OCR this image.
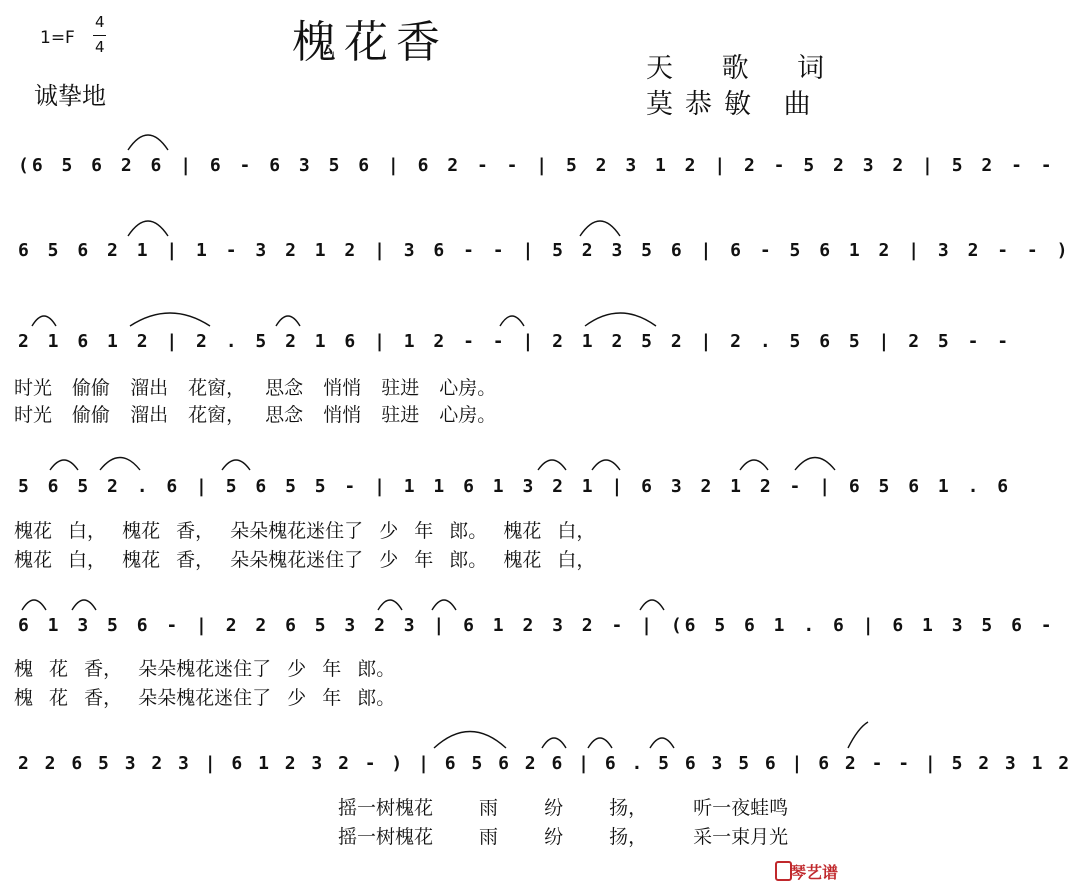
槐花香
1=F
4
4
诚挚地
天 歌 词
莫恭敏 曲
(6 5 6 2 6 | 6 - 6 3 5 6 | 6 2 - - | 5 2 3 1 2 | 2 - 5 2 3 2 | 5 2 - -
6 5 6 2 1 | 1 - 3 2 1 2 | 3 6 - - | 5 2 3 5 6 | 6 - 5 6 1 2 | 3 2 - - )
2 1 6 1 2 | 2 . 5 2 1 6 | 1 2 - - | 2 1 2 5 2 | 2 . 5 6 5 | 2 5 - -
时光 偷偷 溜出 花窗， 思念 悄悄 驻进 心房。
时光 偷偷 溜出 花窗， 思念 悄悄 驻进 心房。
5 6 5 2 . 6 | 5 6 5 5 - | 1 1 6 1 3 2 1 | 6 3 2 1 2 - | 6 5 6 1 . 6
槐花 白， 槐花 香， 朵朵槐花迷住了 少 年 郎。 槐花 白，
槐花 白， 槐花 香， 朵朵槐花迷住了 少 年 郎。 槐花 白，
6 1 3 5 6 - | 2 2 6 5 3 2 3 | 6 1 2 3 2 - | (6 5 6 1 . 6 | 6 1 3 5 6 -
槐 花 香， 朵朵槐花迷住了 少 年 郎。
槐 花 香， 朵朵槐花迷住了 少 年 郎。
2 2 6 5 3 2 3 | 6 1 2 3 2 - ) | 6 5 6 2 6 | 6 . 5 6 3 5 6 | 6 2 - - | 5 2 3 1 2
摇一树槐花 雨 纷 扬， 听一夜蛙鸣
摇一树槐花 雨 纷 扬， 采一束月光
琴艺谱
